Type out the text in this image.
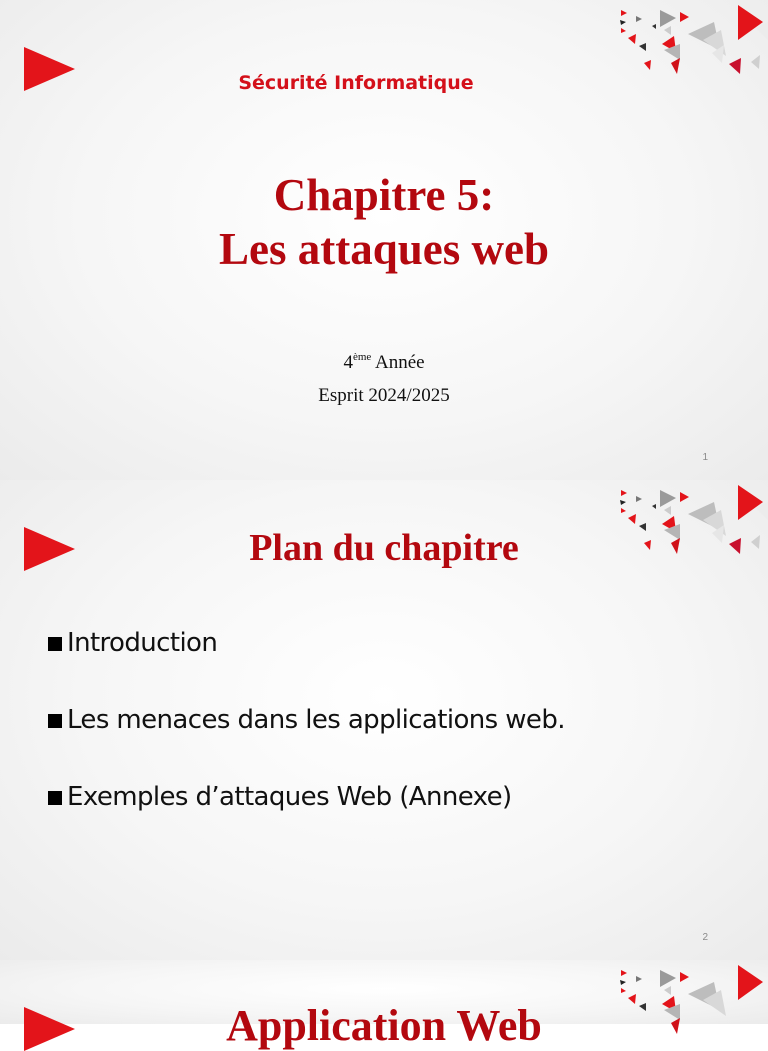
Sécurité Informatique
Chapitre 5:
Les attaques web
4ème Année
Esprit 2024/2025
1
Plan du chapitre
Introduction
Les menaces dans les applications web.
Exemples d’attaques Web (Annexe)
2
Application Web
